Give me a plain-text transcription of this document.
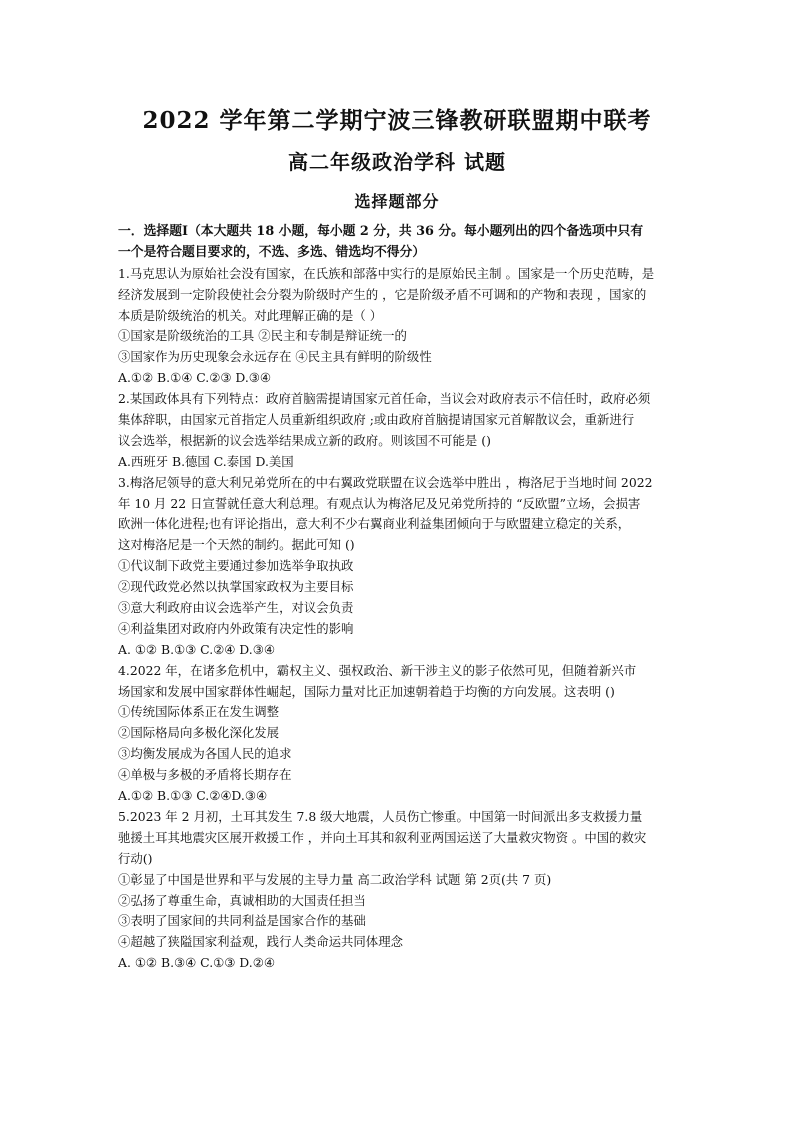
2022 学年第二学期宁波三锋教研联盟期中联考
高二年级政治学科 试题
选择题部分
一．选择题Ⅰ（本大题共 18 小题，每小题 2 分，共 36 分。每小题列出的四个备选项中只有
一个是符合题目要求的，不选、多选、错选均不得分）
1.马克思认为原始社会没有国家，在氏族和部落中实行的是原始民主制 。国家是一个历史范畴，是
经济发展到一定阶段使社会分裂为阶级时产生的 ，它是阶级矛盾不可调和的产物和表现 ，国家的
本质是阶级统治的机关。对此理解正确的是（ ）
①国家是阶级统治的工具 ②民主和专制是辩证统一的
③国家作为历史现象会永远存在 ④民主具有鲜明的阶级性
A.①② B.①④ C.②③ D.③④
2.某国政体具有下列特点：政府首脑需提请国家元首任命，当议会对政府表示不信任时，政府必须
集体辞职，由国家元首指定人员重新组织政府 ;或由政府首脑提请国家元首解散议会，重新进行
议会选举，根据新的议会选举结果成立新的政府。则该国不可能是 ()
A.西班牙 B.德国 C.泰国 D.美国
3.梅洛尼领导的意大利兄弟党所在的中右翼政党联盟在议会选举中胜出 ，梅洛尼于当地时间 2022
年 10 月 22 日宣誓就任意大利总理。有观点认为梅洛尼及兄弟党所持的 “反欧盟”立场，会损害
欧洲一体化进程;也有评论指出，意大利不少右翼商业利益集团倾向于与欧盟建立稳定的关系，
这对梅洛尼是一个天然的制约。据此可知 ()
①代议制下政党主要通过参加选举争取执政
②现代政党必然以执掌国家政权为主要目标
③意大利政府由议会选举产生，对议会负责
④利益集团对政府内外政策有决定性的影响
A. ①② B.①③ C.②④ D.③④
4.2022 年，在诸多危机中，霸权主义、强权政治、新干涉主义的影子依然可见，但随着新兴市
场国家和发展中国家群体性崛起，国际力量对比正加速朝着趋于均衡的方向发展。这表明 ()
①传统国际体系正在发生调整
②国际格局向多极化深化发展
③均衡发展成为各国人民的追求
④单极与多极的矛盾将长期存在
A.①② B.①③ C.②④D.③④
5.2023 年 2 月初，土耳其发生 7.8 级大地震，人员伤亡惨重。中国第一时间派出多支救援力量
驰援土耳其地震灾区展开救援工作 ，并向土耳其和叙利亚两国运送了大量救灾物资 。中国的救灾
行动()
①彰显了中国是世界和平与发展的主导力量 高二政治学科 试题 第 2页(共 7 页)
②弘扬了尊重生命，真诚相助的大国责任担当
③表明了国家间的共同利益是国家合作的基础
④超越了狭隘国家利益观，践行人类命运共同体理念
A. ①② B.③④ C.①③ D.②④
